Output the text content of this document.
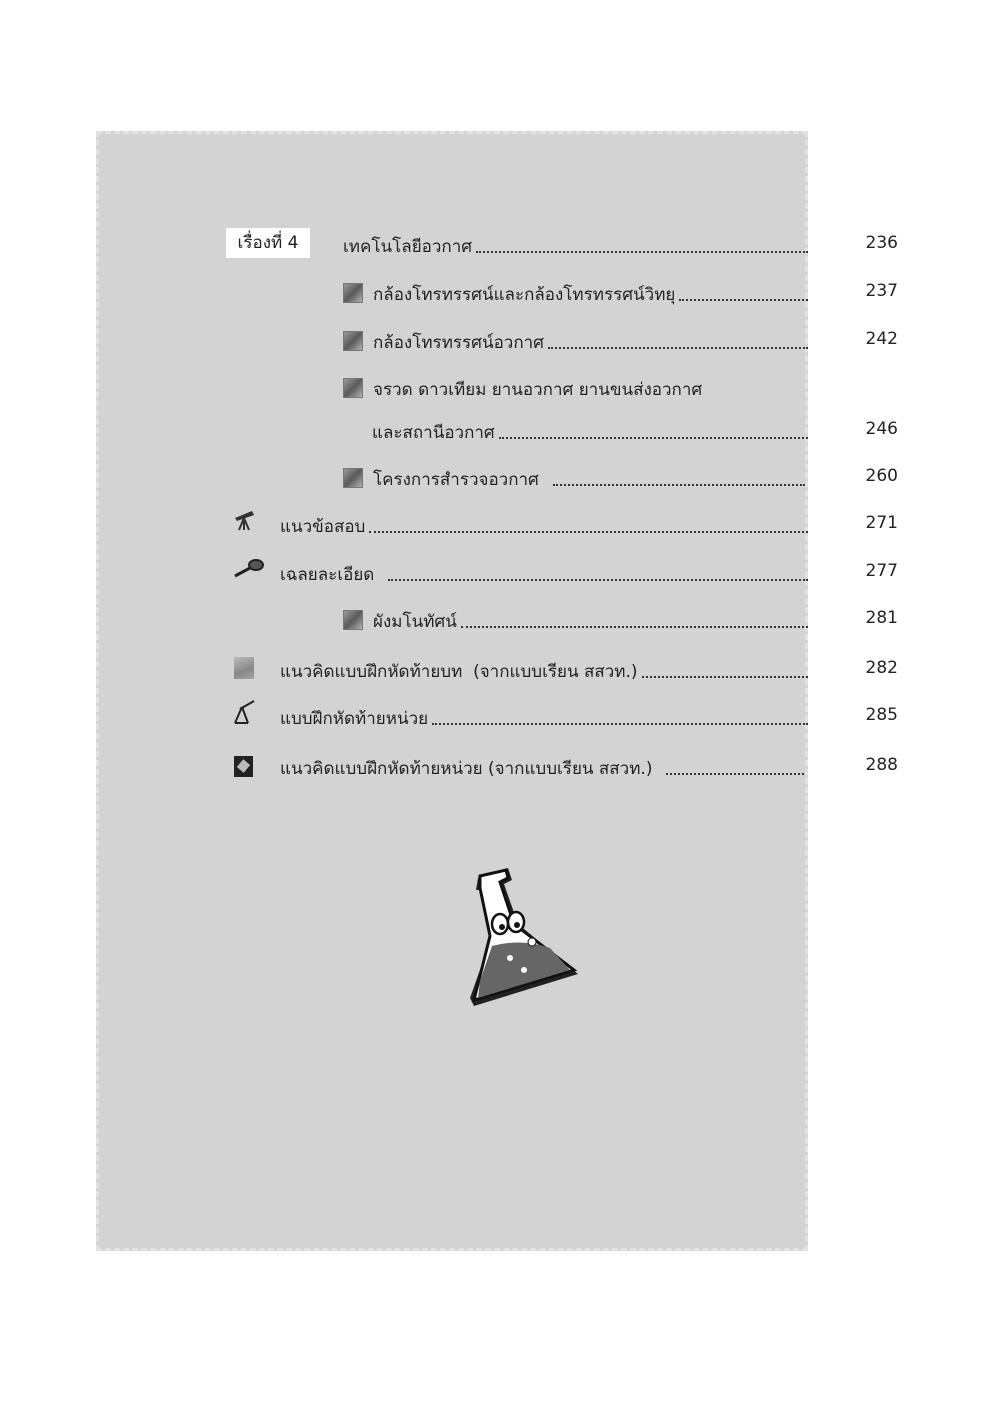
เรื่องที่ 4	เทคโนโลยีอวกาศ	236
กล้องโทรทรรศน์และกล้องโทรทรรศน์วิทยุ	237
กล้องโทรทรรศน์อวกาศ	242
จรวด ดาวเทียม ยานอวกาศ ยานขนส่งอวกาศ
และสถานีอวกาศ	246
โครงการสำรวจอวกาศ	260
แนวข้อสอบ	271
เฉลยละเอียด	277
ผังมโนทัศน์	281
แนวคิดแบบฝึกหัดท้ายบท  (จากแบบเรียน สสวท.)	282
แบบฝึกหัดท้ายหน่วย	285
แนวคิดแบบฝึกหัดท้ายหน่วย (จากแบบเรียน สสวท.)	288
